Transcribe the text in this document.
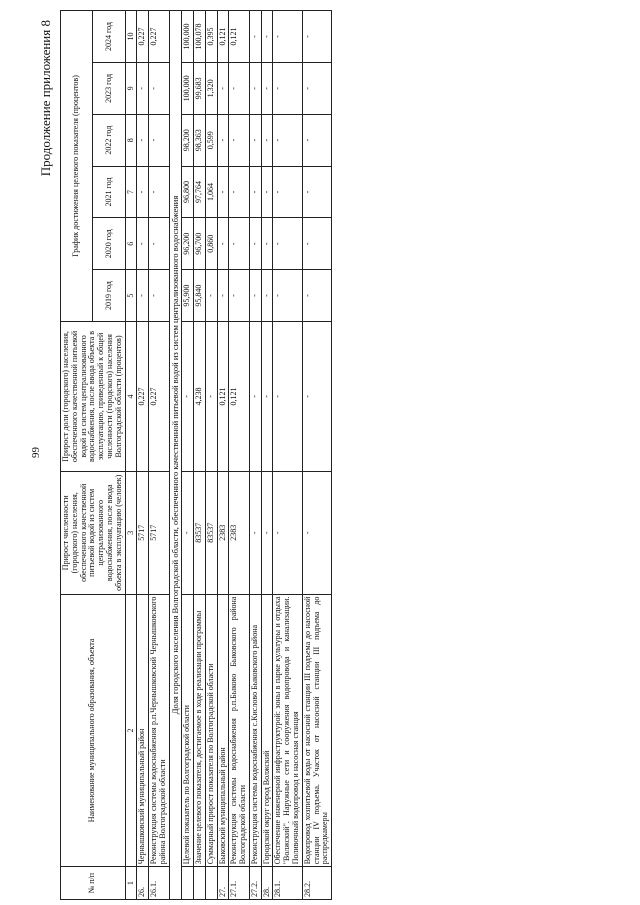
99
Продолжение приложения 8
№ п/п	Наименование муниципального образования, объекта	Прирост численности (городского) населения, обеспеченного качественной питьевой водой из систем централизованного водоснабжения, после ввода объекта в эксплуатацию (человек)	Прирост доли (городского) населения, обеспеченного качественной питьевой водой из систем централизованного водоснабжения, после ввода объекта в эксплуатацию, приведенный к общей численности (городского) населения Волгоградской области (процентов)	График достижения целевого показателя (процентов)					
				2019 год	2020 год	2021 год	2022 год	2023 год	2024 год
1	2	3	4	5	6	7	8	9	10
26.	Чернышковский муниципальный район	5717	0,227	-	-	-	-	-	0,227
26.1.	Реконструкция системы водоснабжения р.п.Чернышковский Чернышковского района Волгоградской области	5717	0,227	-	-	-	-	-	0,227
Доля городского населения Волгоградской области, обеспеченного качественной питьевой водой из систем централизованного водоснабжения									
	Целевой показатель по Волгоградской области	-	-	95,900	96,200	96,800	98,200	100,000	100,000
	Значение целевого показателя, достигаемое в ходе реализации программы	83537	4,238	95,840	96,700	97,764	98,363	99,683	100,078
	Суммарный прирост показателя по Волгоградской области	83537	-	-	0,860	1,064	0,599	1,320	0,395
27.	Быковский муниципальный район	2383	0,121	-	-	-	-	-	0,121
27.1.	Реконструкция системы водоснабжения р.п.Быково Быковского района Волгоградской области	2383	0,121	-	-	-	-	-	0,121
27.2.	Реконструкция системы водоснабжения с.Кислово Быковского района	-	-	-	-	-	-	-	-
28.	Городской округ город Волжский	-	-	-	-	-	-	-	-
28.1.	Обеспечение инженерной инфраструктурой: зоны в парке культуры и отдыха "Волжский". Наружные сети и сооружения водопровода и канализации. Поливочный водопровод и насосная станция	-	-	-	-	-	-	-	-
28.2.	Водопровод хозпитьевой воды от насосной станции III подъема до насосной станции IV подъема. Участок от насосной станции III подъема до распредкамеры	-	-	-	-	-	-	-	-
